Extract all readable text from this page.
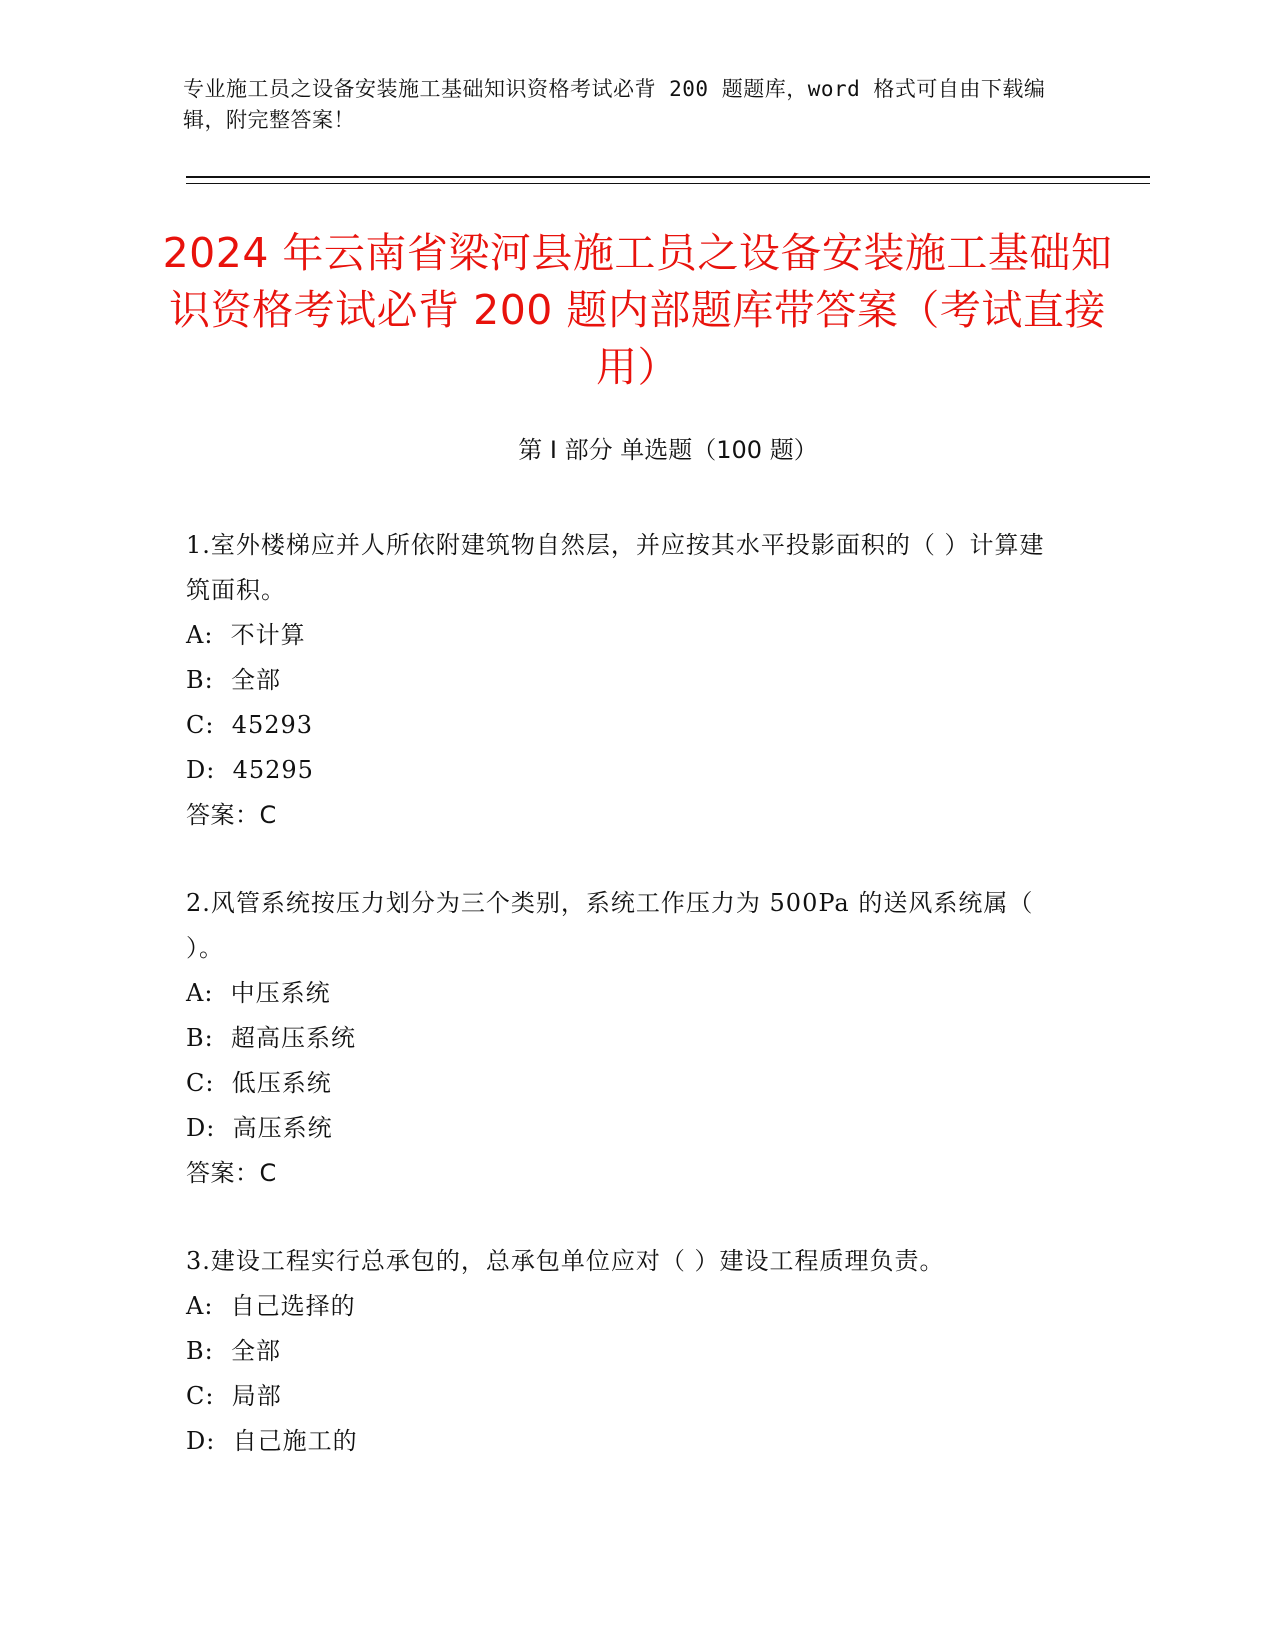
专业施工员之设备安装施工基础知识资格考试必背 200 题题库，word 格式可自由下载编辑，附完整答案！
2024 年云南省梁河县施工员之设备安装施工基础知识资格考试必背 200 题内部题库带答案（考试直接用）
第 I 部分 单选题（100 题）

1.室外楼梯应并人所依附建筑物自然层，并应按其水平投影面积的（ ）计算建筑面积。

A:  不计算
B:  全部
C:  45293
D:  45295
答案：C

2.风管系统按压力划分为三个类别，系统工作压力为 500Pa 的送风系统属（ ）。

A:  中压系统
B:  超高压系统
C:  低压系统
D:  高压系统
答案：C

3.建设工程实行总承包的，总承包单位应对（ ）建设工程质理负责。

A:  自己选择的
B:  全部
C:  局部
D:  自己施工的
